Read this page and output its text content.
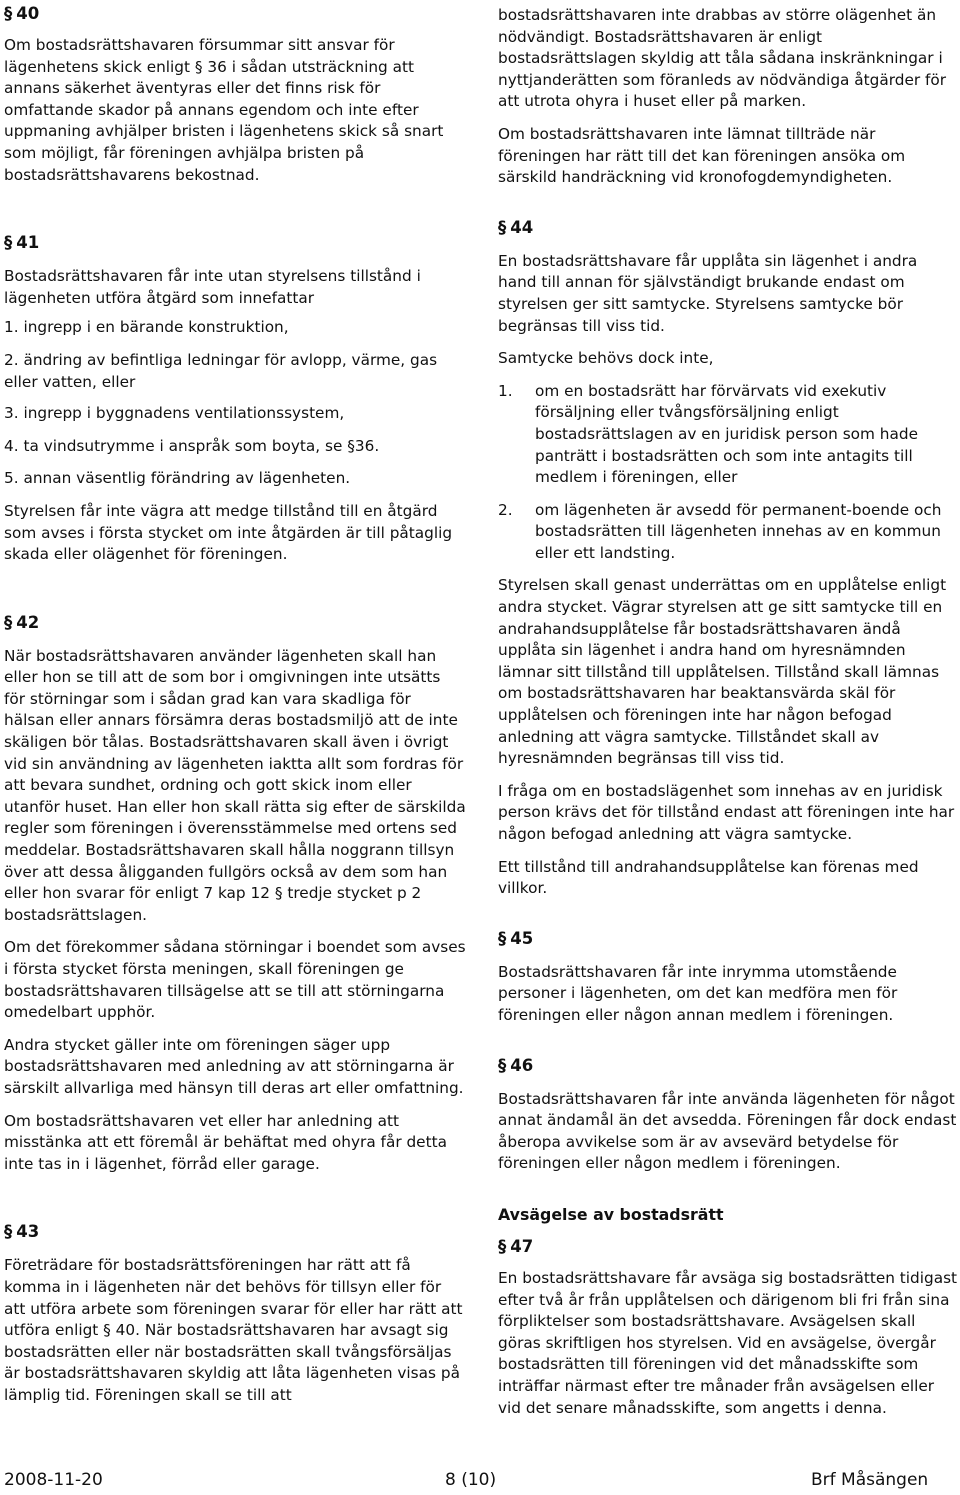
§ 40

Om bostadsrättshavaren försummar sitt ansvar för lägenhetens skick enligt § 36 i sådan utsträckning att annans säkerhet äventyras eller det finns risk för omfattande skador på annans egendom och inte efter uppmaning avhjälper bristen i lägenhetens skick så snart som möjligt, får föreningen avhjälpa bristen på bostadsrättshavarens bekostnad.

§ 41

Bostadsrättshavaren får inte utan styrelsens tillstånd i lägenheten utföra åtgärd som innefattar

1. ingrepp i en bärande konstruktion,

2. ändring av befintliga ledningar för avlopp, värme, gas eller vatten, eller

3. ingrepp i byggnadens ventilationssystem,

4. ta vindsutrymme i anspråk som boyta, se §36.

5. annan väsentlig förändring av lägenheten.

Styrelsen får inte vägra att medge tillstånd till en åtgärd som avses i första stycket om inte åtgärden är till påtaglig skada eller olägenhet för föreningen.

§ 42

När bostadsrättshavaren använder lägenheten skall han eller hon se till att de som bor i omgivningen inte utsätts för störningar som i sådan grad kan vara skadliga för hälsan eller annars försämra deras bostadsmiljö att de inte skäligen bör tålas. Bostadsrättshavaren skall även i övrigt vid sin användning av lägenheten iaktta allt som fordras för att bevara sundhet, ordning och gott skick inom eller utanför huset. Han eller hon skall rätta sig efter de särskilda regler som föreningen i överensstämmelse med ortens sed meddelar. Bostadsrättshavaren skall hålla noggrann tillsyn över att dessa åligganden fullgörs också av dem som han eller hon svarar för enligt 7 kap 12 § tredje stycket p 2 bostadsrättslagen.

Om det förekommer sådana störningar i boendet som avses i första stycket första meningen, skall föreningen ge bostadsrättshavaren tillsägelse att se till att störningarna omedelbart upphör.

Andra stycket gäller inte om föreningen säger upp bostadsrättshavaren med anledning av att störningarna är särskilt allvarliga med hänsyn till deras art eller omfattning.

Om bostadsrättshavaren vet eller har anledning att misstänka att ett föremål är behäftat med ohyra får detta inte tas in i lägenhet, förråd eller garage.

§ 43

Företrädare för bostadsrättsföreningen har rätt att få komma in i lägenheten när det behövs för tillsyn eller för att utföra arbete som föreningen svarar för eller har rätt att utföra enligt § 40. När bostadsrättshavaren har avsagt sig bostadsrätten eller när bostadsrätten skall tvångsförsäljas är bostadsrättshavaren skyldig att låta lägenheten visas på lämplig tid. Föreningen skall se till att

bostadsrättshavaren inte drabbas av större olägenhet än nödvändigt. Bostadsrättshavaren är enligt bostadsrättslagen skyldig att tåla sådana inskränkningar i nyttjanderätten som föranleds av nödvändiga åtgärder för att utrota ohyra i huset eller på marken.

Om bostadsrättshavaren inte lämnat tillträde när föreningen har rätt till det kan föreningen ansöka om särskild handräckning vid kronofogdemyndigheten.

§ 44

En bostadsrättshavare får upplåta sin lägenhet i andra hand till annan för självständigt brukande endast om styrelsen ger sitt samtycke. Styrelsens samtycke bör begränsas till viss tid.

Samtycke behövs dock inte,

1. om en bostadsrätt har förvärvats vid exekutiv försäljning eller tvångsförsäljning enligt bostadsrättslagen av en juridisk person som hade panträtt i bostadsrätten och som inte antagits till medlem i föreningen, eller
2. om lägenheten är avsedd för permanent-boende och bostadsrätten till lägenheten innehas av en kommun eller ett landsting.

Styrelsen skall genast underrättas om en upplåtelse enligt andra stycket. Vägrar styrelsen att ge sitt samtycke till en andrahandsupplåtelse får bostadsrättshavaren ändå upplåta sin lägenhet i andra hand om hyresnämnden lämnar sitt tillstånd till upplåtelsen. Tillstånd skall lämnas om bostadsrättshavaren har beaktansvärda skäl för upplåtelsen och föreningen inte har någon befogad anledning att vägra samtycke. Tillståndet skall av hyresnämnden begränsas till viss tid.

I fråga om en bostadslägenhet som innehas av en juridisk person krävs det för tillstånd endast att föreningen inte har någon befogad anledning att vägra samtycke.

Ett tillstånd till andrahandsupplåtelse kan förenas med villkor.

§ 45

Bostadsrättshavaren får inte inrymma utomstående personer i lägenheten, om det kan medföra men för föreningen eller någon annan medlem i föreningen.

§ 46

Bostadsrättshavaren får inte använda lägenheten för något annat ändamål än det avsedda. Föreningen får dock endast åberopa avvikelse som är av avsevärd betydelse för föreningen eller någon medlem i föreningen.

Avsägelse av bostadsrätt

§ 47

En bostadsrättshavare får avsäga sig bostadsrätten tidigast efter två år från upplåtelsen och därigenom bli fri från sina förpliktelser som bostadsrättshavare. Avsägelsen skall göras skriftligen hos styrelsen. Vid en avsägelse, övergår bostadsrätten till föreningen vid det månadsskifte som inträffar närmast efter tre månader från avsägelsen eller vid det senare månadsskifte, som angetts i denna.

2008-11-20	8 (10)	Brf Måsängen
